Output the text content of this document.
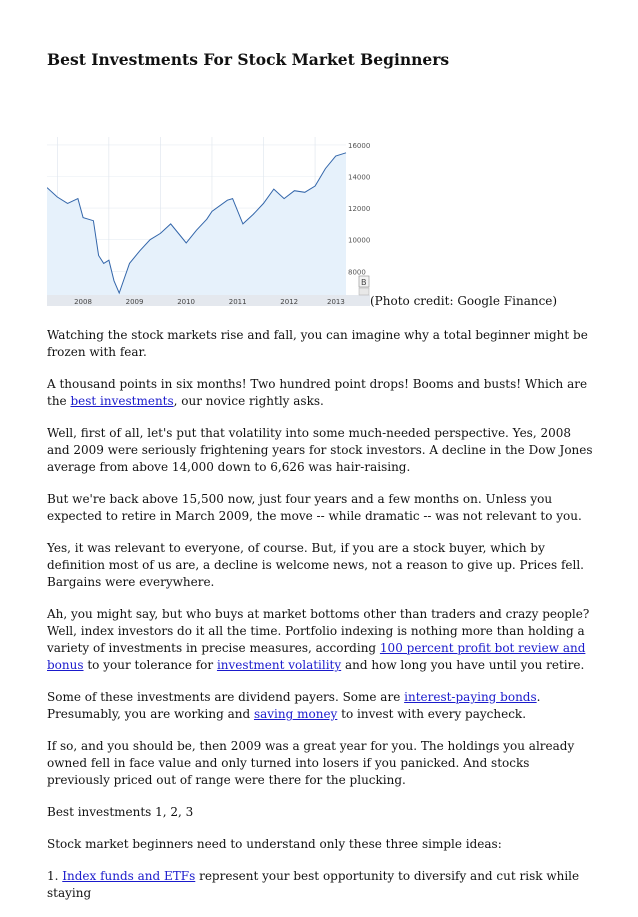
Best Investments For Stock Market Beginners
16000
14000
12000
10000
8000
2008	2009	2010	2011	2012	2013
B
(Photo credit: Google Finance)

Watching the stock markets rise and fall, you can imagine why a total beginner might be frozen with fear.

A thousand points in six months! Two hundred point drops! Booms and busts! Which are the best investments, our novice rightly asks.

Well, first of all, let's put that volatility into some much-needed perspective. Yes, 2008 and 2009 were seriously frightening years for stock investors. A decline in the Dow Jones average from above 14,000 down to 6,626 was hair-raising.

But we're back above 15,500 now, just four years and a few months on. Unless you expected to retire in March 2009, the move -- while dramatic -- was not relevant to you.

Yes, it was relevant to everyone, of course. But, if you are a stock buyer, which by definition most of us are, a decline is welcome news, not a reason to give up. Prices fell. Bargains were everywhere.

Ah, you might say, but who buys at market bottoms other than traders and crazy people? Well, index investors do it all the time. Portfolio indexing is nothing more than holding a variety of investments in precise measures, according 100 percent profit bot review and bonus to your tolerance for investment volatility and how long you have until you retire.

Some of these investments are dividend payers. Some are interest-paying bonds. Presumably, you are working and saving money to invest with every paycheck.

If so, and you should be, then 2009 was a great year for you. The holdings you already owned fell in face value and only turned into losers if you panicked. And stocks previously priced out of range were there for the plucking.

Best investments 1, 2, 3

Stock market beginners need to understand only these three simple ideas:

1. Index funds and ETFs represent your best opportunity to diversify and cut risk while staying
